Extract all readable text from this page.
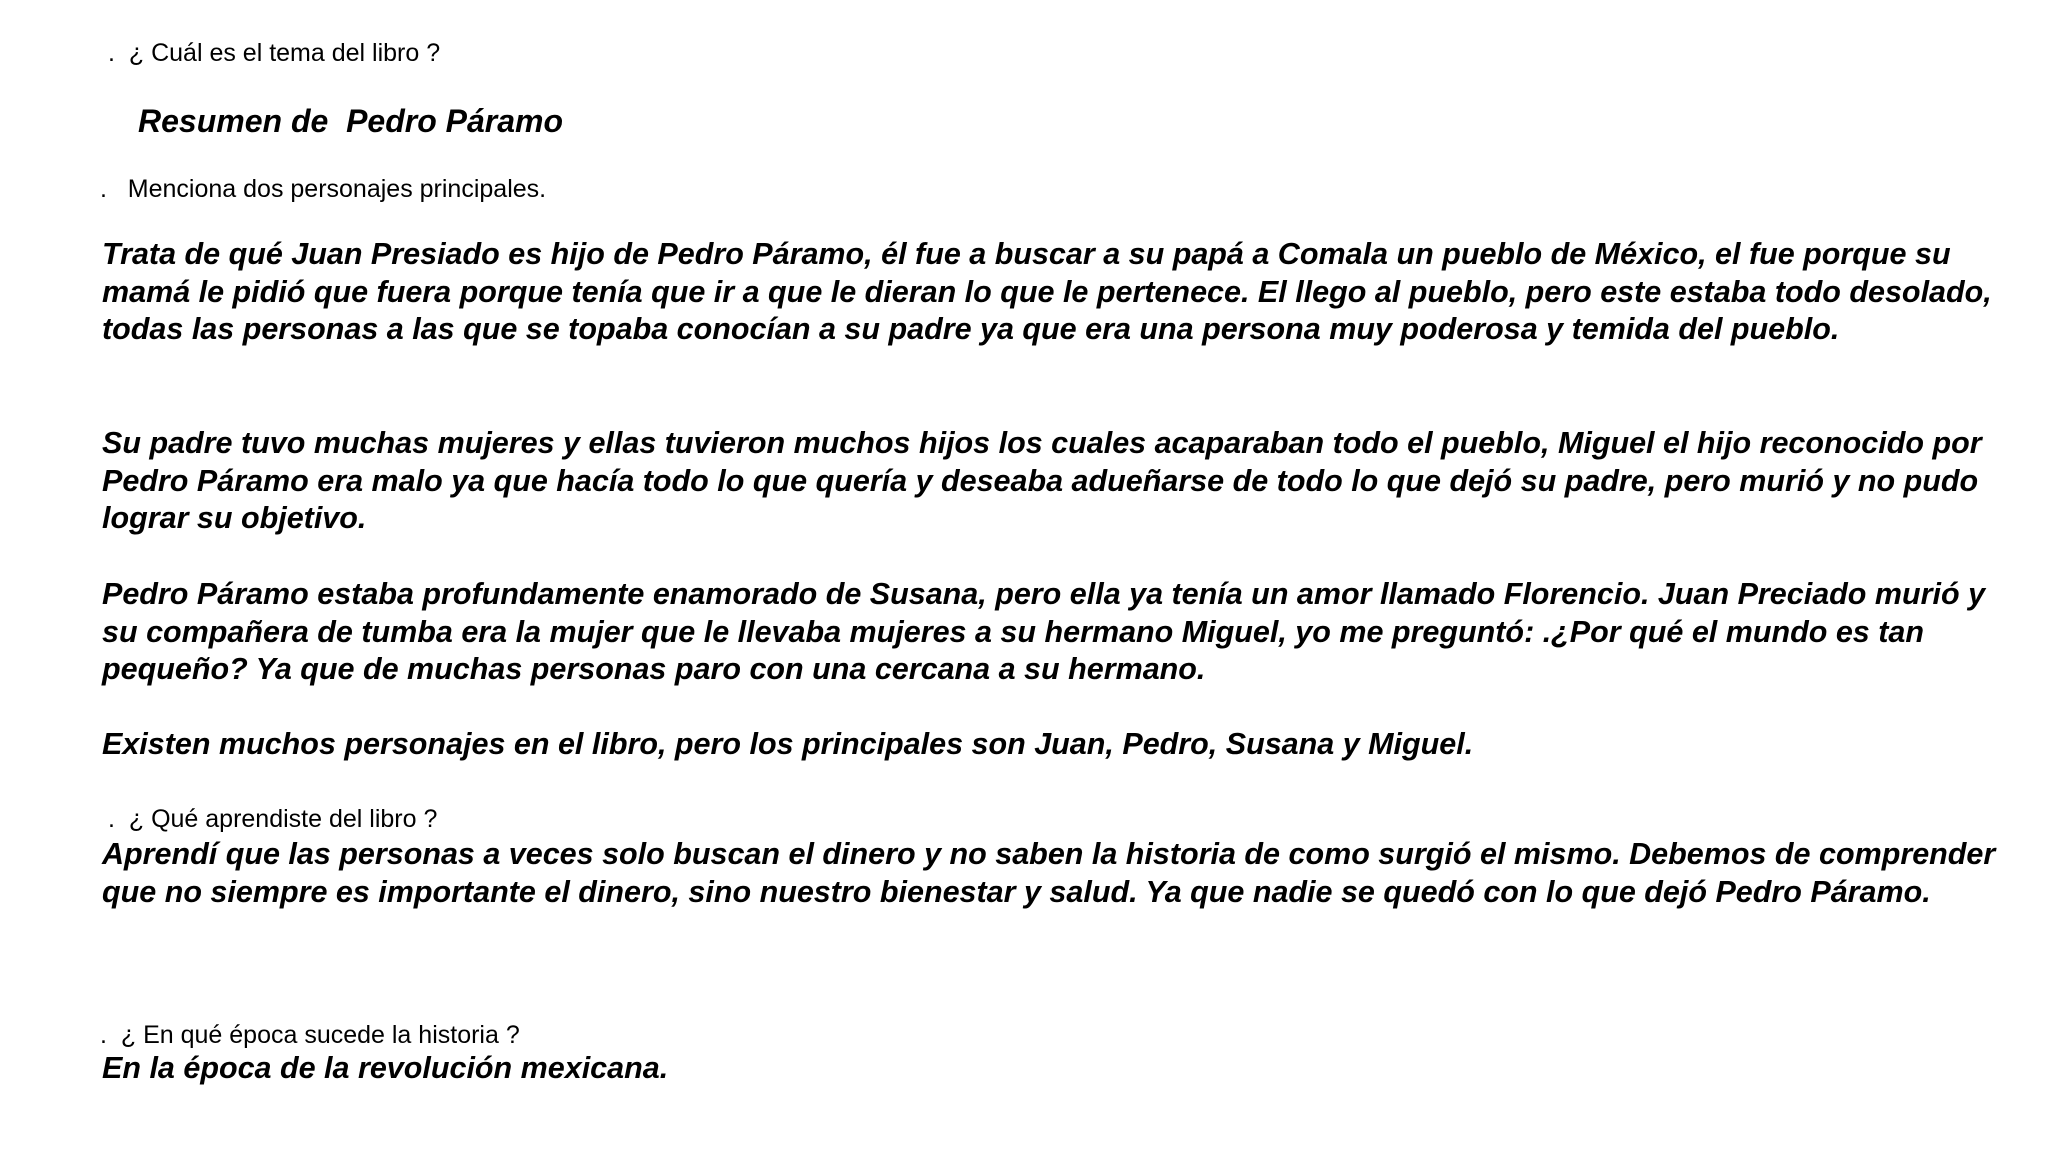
. ¿ Cuál es el tema del libro ?
Resumen de  Pedro Páramo
. Menciona dos personajes principales.

Trata de qué Juan Presiado es hijo de Pedro Páramo, él fue a buscar a su papá a Comala un pueblo de México, el fue porque su mamá le pidió que fuera porque tenía que ir a que le dieran lo que le pertenece. El llego al pueblo, pero este estaba todo desolado, todas las personas a las que se topaba conocían a su padre ya que era una persona muy poderosa y temida del pueblo.

Su padre tuvo muchas mujeres y ellas tuvieron muchos hijos los cuales acaparaban todo el pueblo, Miguel el hijo reconocido por Pedro Páramo era malo ya que hacía todo lo que quería y deseaba adueñarse de todo lo que dejó su padre, pero murió y no pudo lograr su objetivo.

Pedro Páramo estaba profundamente enamorado de Susana, pero ella ya tenía un amor llamado Florencio. Juan Preciado murió y su compañera de tumba era la mujer que le llevaba mujeres a su hermano Miguel, yo me preguntó: .¿Por qué el mundo es tan pequeño? Ya que de muchas personas paro con una cercana a su hermano.

Existen muchos personajes en el libro, pero los principales son Juan, Pedro, Susana y Miguel.

. ¿ Qué aprendiste del libro ?

Aprendí que las personas a veces solo buscan el dinero y no saben la historia de como surgió el mismo. Debemos de comprender que no siempre es importante el dinero, sino nuestro bienestar y salud. Ya que nadie se quedó con lo que dejó Pedro Páramo.

. ¿ En qué época sucede la historia ?

En la época de la revolución mexicana.
